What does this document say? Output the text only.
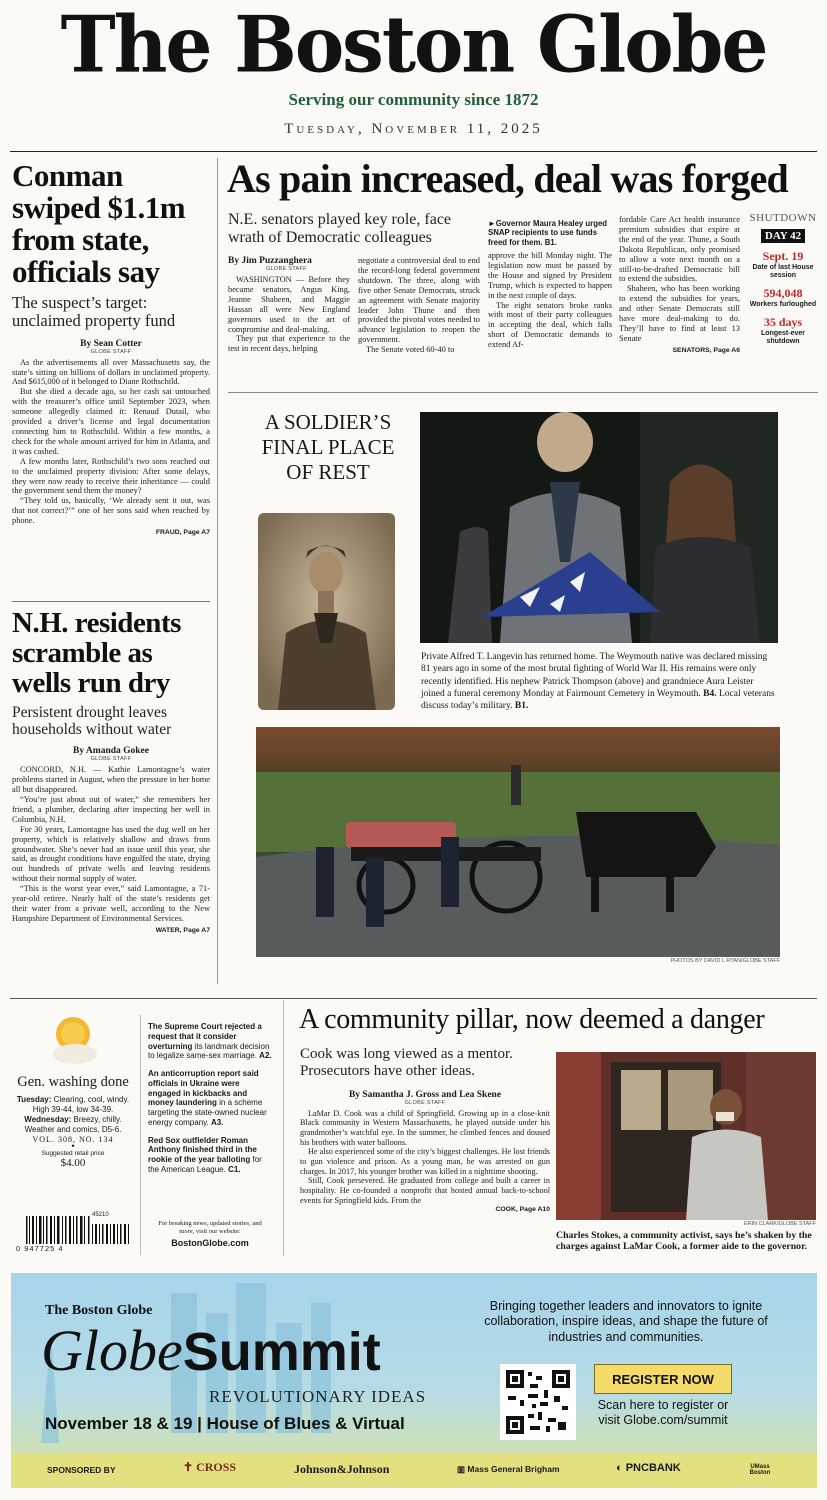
The Boston Globe
Serving our community since 1872
Tuesday, November 11, 2025
Conman swiped $1.1m from state, officials say
The suspect’s target: unclaimed property fund
By Sean Cotter
GLOBE STAFF

As the advertisements all over Massachusetts say, the state’s sitting on billions of dollars in unclaimed property. And $615,000 of it belonged to Diane Rothschild.

But she died a decade ago, so her cash sat untouched with the treasurer’s office until September 2023, when someone allegedly claimed it: Renaud Dutail, who provided a driver’s license and legal documentation connecting him to Rothschild. Within a few months, a check for the whole amount arrived for him in Atlanta, and it was cashed.

A few months later, Rothschild’s two sons reached out to the unclaimed property division: After some delays, they were now ready to receive their inheritance — could the government send them the money?

“They told us, basically, ‘We already sent it out, was that not correct?’” one of her sons said when reached by phone.

FRAUD, Page A7
N.H. residents scramble as wells run dry
Persistent drought leaves households without water
By Amanda Gokee
GLOBE STAFF

CONCORD, N.H. — Kathie Lamontagne’s water problems started in August, when the pressure in her home all but disappeared.

“You’re just about out of water,” she remembers her friend, a plumber, declaring after inspecting her well in Columbia, N.H.

For 30 years, Lamontagne has used the dug well on her property, which is relatively shallow and draws from groundwater. She’s never had an issue until this year, she said, as drought conditions have engulfed the state, drying out hundreds of private wells and leaving residents without their normal supply of water.

“This is the worst year ever,” said Lamontagne, a 71-year-old retiree. Nearly half of the state’s residents get their water from a private well, according to the New Hampshire Department of Environmental Services.

WATER, Page A7
As pain increased, deal was forged
N.E. senators played key role, face wrath of Democratic colleagues
By Jim Puzzanghera
GLOBE STAFF

WASHINGTON — Before they became senators, Angus King, Jeanne Shaheen, and Maggie Hassan all were New England governors used to the art of compromise and deal-making.

They put that experience to the test in recent days, helping

negotiate a controversial deal to end the record-long federal government shutdown. The three, along with five other Senate Democrats, struck an agreement with Senate majority leader John Thune and then provided the pivotal votes needed to advance legislation to reopen the government.

The Senate voted 60-40 to

►Governor Maura Healey urged SNAP recipients to use funds freed for them. B1.

approve the bill Monday night. The legislation now must be passed by the House and signed by President Trump, which is expected to happen in the next couple of days.

The eight senators broke ranks with most of their party colleagues in accepting the deal, which falls short of Democratic demands to extend Af-

fordable Care Act health insurance premium subsidies that expire at the end of the year. Thune, a South Dakota Republican, only promised to allow a vote next month on a still-to-be-drafted Democratic bill to extend the subsidies.

Shaheen, who has been working to extend the subsidies for years, and other Senate Democrats still have more deal-making to do. They’ll have to find at least 13 Senate

SENATORS, Page A6
SHUTDOWN
DAY 42
Sept. 19
Date of last House session
594,048
Workers furloughed
35 days
Longest-ever shutdown
A SOLDIER’S FINAL PLACE OF REST
Private Alfred T. Langevin has returned home. The Weymouth native was declared missing 81 years ago in some of the most brutal fighting of World War II. His remains were only recently identified. His nephew Patrick Thompson (above) and grandniece Aura Leister joined a funeral ceremony Monday at Fairmount Cemetery in Weymouth. B4. Local veterans discuss today’s military. B1.
PHOTOS BY DAVID L RYAN/GLOBE STAFF
Gen. washing done
Tuesday: Clearing, cool, windy. High 39-44, low 34-39.
Wednesday: Breezy, chilly.
Weather and comics, D5-6.
VOL. 308, NO. 134
•
Suggested retail price
$4.00
45210
0 947725 4
The Supreme Court rejected a request that it consider overturning its landmark decision to legalize same-sex marriage. A2.
An anticorruption report said officials in Ukraine were engaged in kickbacks and money laundering in a scheme targeting the state-owned nuclear energy company. A3.
Red Sox outfielder Roman Anthony finished third in the rookie of the year balloting for the American League. C1.
For breaking news, updated stories, and more, visit our website:
BostonGlobe.com
A community pillar, now deemed a danger
Cook was long viewed as a mentor. Prosecutors have other ideas.
By Samantha J. Gross and Lea Skene
GLOBE STAFF

LaMar D. Cook was a child of Springfield. Growing up in a close-knit Black community in Western Massachusetts, he played outside under his grandmother’s watchful eye. In the summer, he climbed fences and doused his brothers with water balloons.

He also experienced some of the city’s biggest challenges. He lost friends to gun violence and prison. As a young man, he was arrested on gun charges. In 2017, his younger brother was killed in a nighttime shooting.

Still, Cook persevered. He graduated from college and built a career in hospitality. He co-founded a nonprofit that hosted annual back-to-school events for Springfield kids. From the

COOK, Page A10
ERIN CLARK/GLOBE STAFF
Charles Stokes, a community activist, says he’s shaken by the charges against LaMar Cook, a former aide to the governor.
The Boston Globe
GlobeSummit
REVOLUTIONARY IDEAS
November 18 & 19 | House of Blues & Virtual
Bringing together leaders and innovators to ignite collaboration, inspire ideas, and shape the future of industries and communities.
REGISTER NOW
Scan here to register or visit Globe.com/summit
SPONSORED BY	✝ CROSS	Johnson&Johnson	▥ Mass General Brigham	◐ PNCBANK	UMass Boston
